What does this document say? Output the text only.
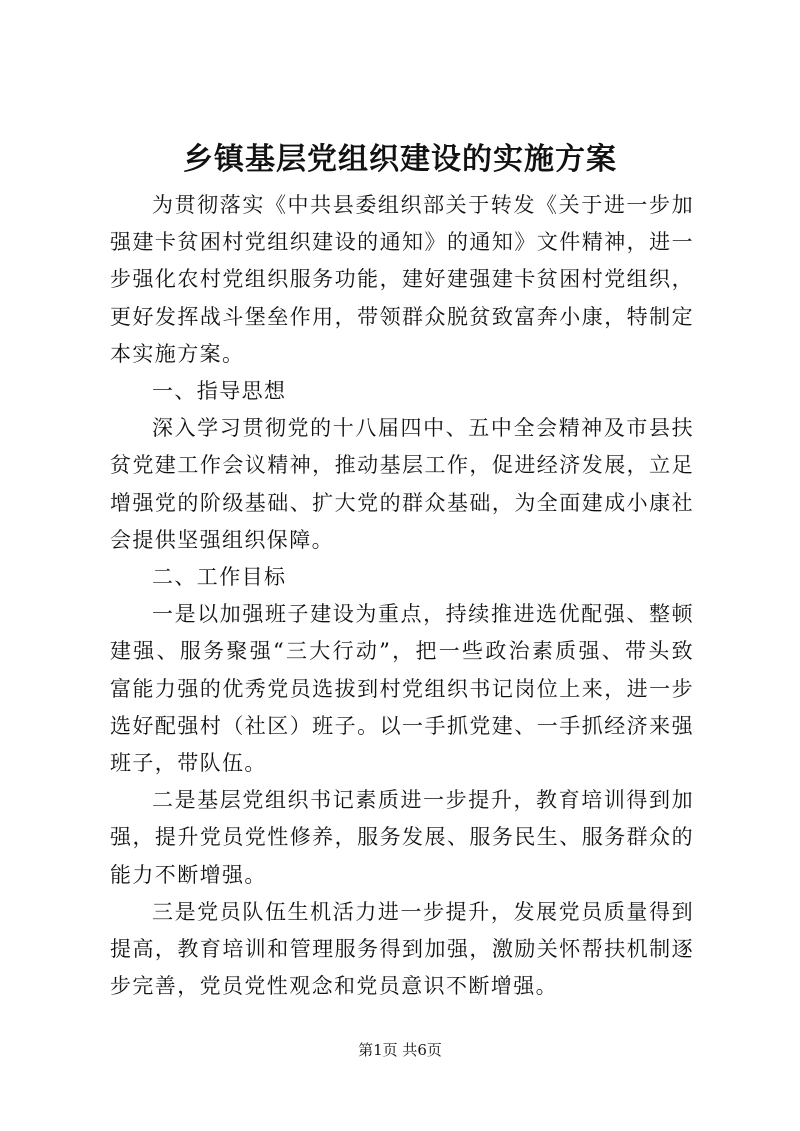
乡镇基层党组织建设的实施方案

为贯彻落实《中共县委组织部关于转发《关于进一步加强建卡贫困村党组织建设的通知》的通知》文件精神，进一步强化农村党组织服务功能，建好建强建卡贫困村党组织，更好发挥战斗堡垒作用，带领群众脱贫致富奔小康，特制定本实施方案。

一、指导思想

深入学习贯彻党的十八届四中、五中全会精神及市县扶贫党建工作会议精神，推动基层工作，促进经济发展，立足增强党的阶级基础、扩大党的群众基础，为全面建成小康社会提供坚强组织保障。

二、工作目标

一是以加强班子建设为重点，持续推进选优配强、整顿建强、服务聚强“三大行动”，把一些政治素质强、带头致富能力强的优秀党员选拔到村党组织书记岗位上来，进一步选好配强村（社区）班子。以一手抓党建、一手抓经济来强班子，带队伍。

二是基层党组织书记素质进一步提升，教育培训得到加强，提升党员党性修养，服务发展、服务民生、服务群众的能力不断增强。

三是党员队伍生机活力进一步提升，发展党员质量得到提高，教育培训和管理服务得到加强，激励关怀帮扶机制逐步完善，党员党性观念和党员意识不断增强。

第1页 共6页
